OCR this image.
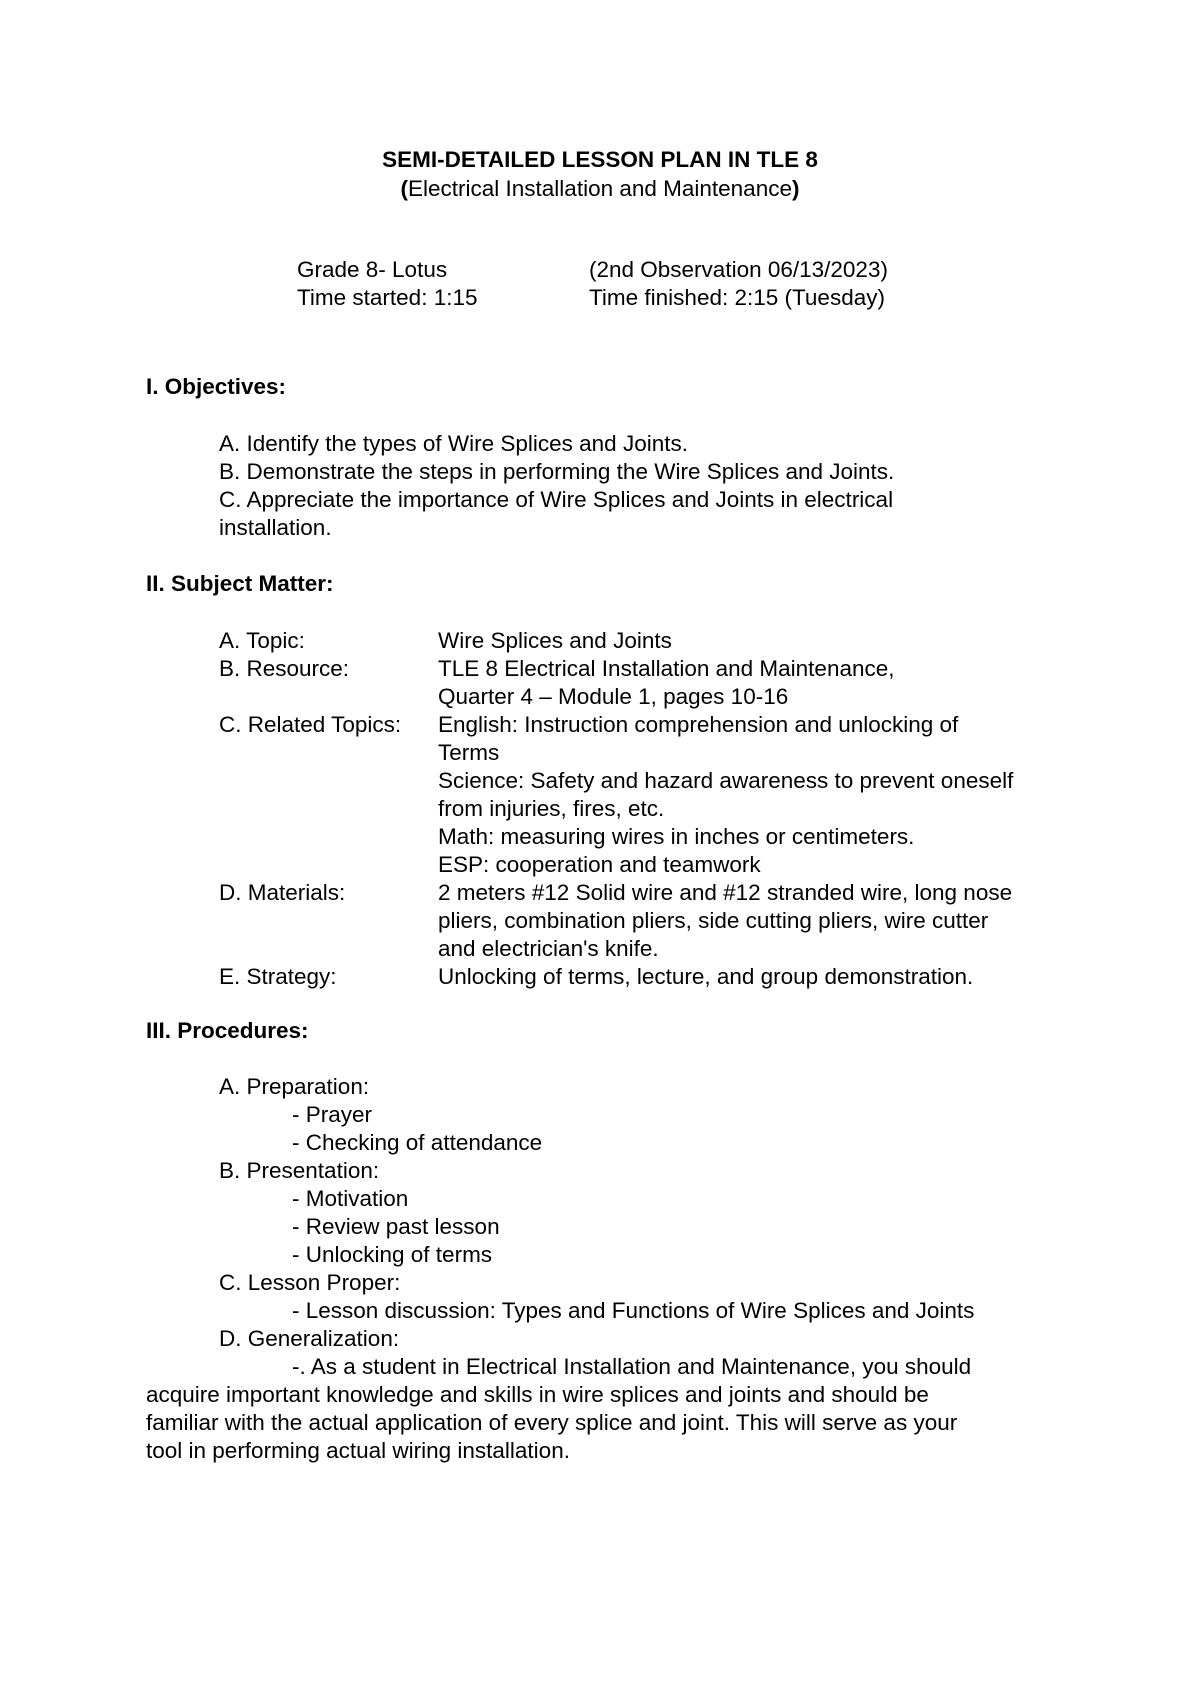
SEMI-DETAILED LESSON PLAN IN TLE 8
(Electrical Installation and Maintenance)
Grade 8- Lotus	(2nd Observation 06/13/2023)
Time started: 1:15	Time finished: 2:15 (Tuesday)
I. Objectives:
A. Identify the types of Wire Splices and Joints.
B. Demonstrate the steps in performing the Wire Splices and Joints.
C. Appreciate the importance of Wire Splices and Joints in electrical
installation.
II. Subject Matter:
A. Topic:	Wire Splices and Joints
B. Resource:	TLE 8 Electrical Installation and Maintenance,
Quarter 4 – Module 1, pages 10-16
C. Related Topics:	English: Instruction comprehension and unlocking of
Terms
Science: Safety and hazard awareness to prevent oneself
from injuries, fires, etc.
Math: measuring wires in inches or centimeters.
ESP: cooperation and teamwork
D. Materials:	2 meters #12 Solid wire and #12 stranded wire, long nose
pliers, combination pliers, side cutting pliers, wire cutter
and electrician's knife.
E. Strategy:	Unlocking of terms, lecture, and group demonstration.
III. Procedures:
A. Preparation:
- Prayer
- Checking of attendance
B. Presentation:
- Motivation
- Review past lesson
- Unlocking of terms
C. Lesson Proper:
- Lesson discussion: Types and Functions of Wire Splices and Joints
D. Generalization:
-. As a student in Electrical Installation and Maintenance, you should
acquire important knowledge and skills in wire splices and joints and should be
familiar with the actual application of every splice and joint. This will serve as your
tool in performing actual wiring installation.
